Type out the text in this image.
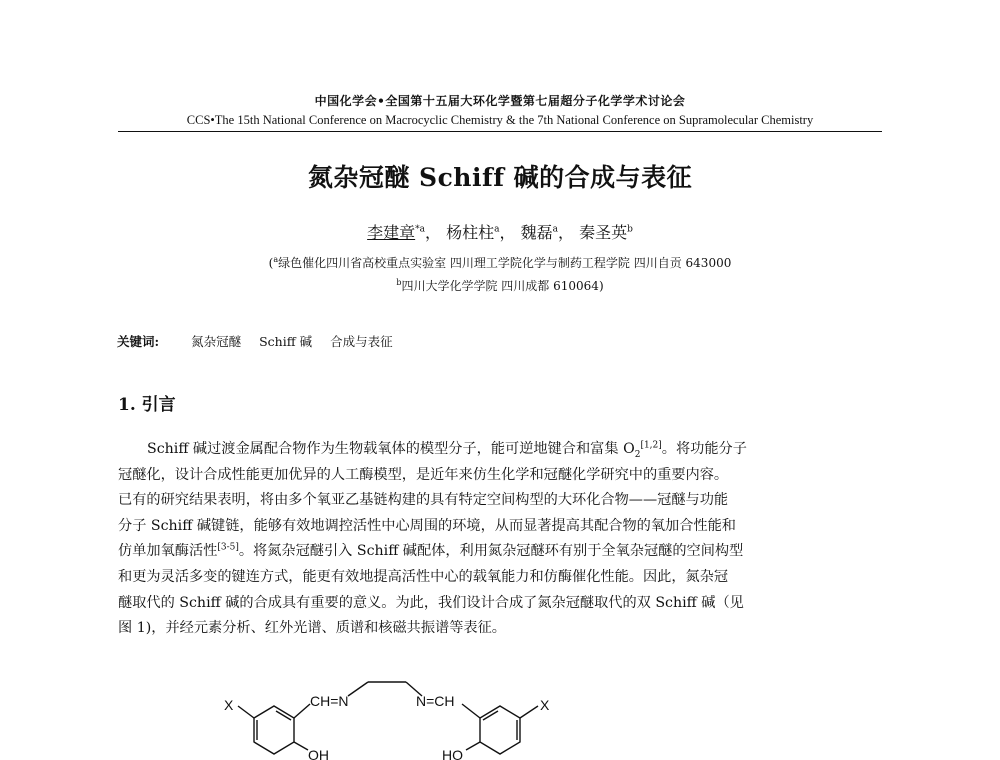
中国化学会•全国第十五届大环化学暨第七届超分子化学学术讨论会
CCS•The 15th National Conference on Macrocyclic Chemistry & the 7th National Conference on Supramolecular Chemistry
氮杂冠醚 Schiff 碱的合成与表征
李建章$^{*a}$， 杨柱柱$^a$， 魏磊$^a$， 秦圣英$^b$
($^a$绿色催化四川省高校重点实验室 四川理工学院化学与制药工程学院 四川自贡 643000
$^b$四川大学化学学院 四川成都 610064)
关键词:	氮杂冠醚 Schiff 碱 合成与表征
1. 引言
Schiff 碱过渡金属配合物作为生物载氧体的模型分子，能可逆地键合和富集 $O_2[1,2]$。将功能分子
冠醚化，设计合成性能更加优异的人工酶模型，是近年来仿生化学和冠醚化学研究中的重要内容。
已有的研究结果表明，将由多个氧亚乙基链构建的具有特定空间构型的大环化合物——冠醚与功能
分子 Schiff 碱键链，能够有效地调控活性中心周围的环境，从而显著提高其配合物的氧加合性能和
仿单加氧酶活性[3-5]。将氮杂冠醚引入 Schiff 碱配体，利用氮杂冠醚环有别于全氧杂冠醚的空间构型
和更为灵活多变的键连方式，能更有效地提高活性中心的载氧能力和仿酶催化性能。因此，氮杂冠
醚取代的 Schiff 碱的合成具有重要的意义。为此，我们设计合成了氮杂冠醚取代的双 Schiff 碱（见
图 1)，并经元素分析、红外光谱、质谱和核磁共振谱等表征。
X	CH=N
OH
N=CH
HO
X
